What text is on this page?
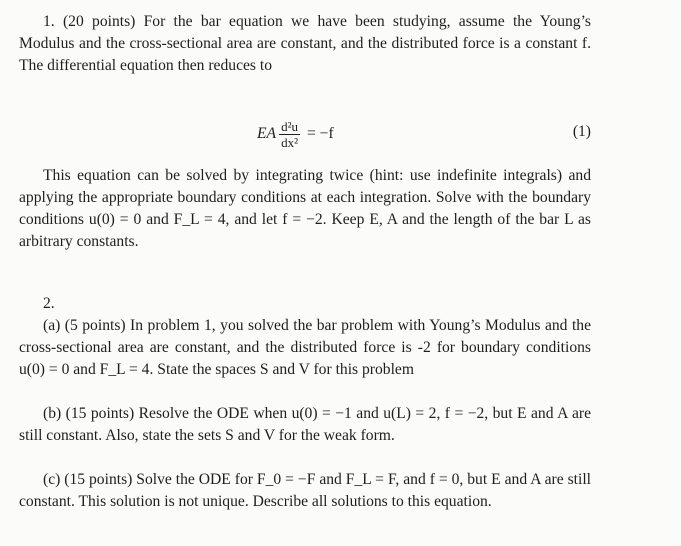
1. (20 points) For the bar equation we have been studying, assume the Young’s Modulus and the cross-sectional area are constant, and the distributed force is a constant f. The differential equation then reduces to

EA $\frac{\text{d²u}}{\text{dx²}} = -f$	(1)

This equation can be solved by integrating twice (hint: use indefinite integrals) and applying the appropriate boundary conditions at each integration. Solve with the boundary conditions u(0) = 0 and F_L = 4, and let f = −2. Keep E, A and the length of the bar L as arbitrary constants.

2.

(a) (5 points) In problem 1, you solved the bar problem with Young’s Modulus and the cross-sectional area are constant, and the distributed force is -2 for boundary conditions u(0) = 0 and F_L = 4. State the spaces S and V for this problem

(b) (15 points) Resolve the ODE when u(0) = −1 and u(L) = 2, f = −2, but E and A are still constant. Also, state the sets S and V for the weak form.

(c) (15 points) Solve the ODE for F_0 = −F and F_L = F, and f = 0, but E and A are still constant. This solution is not unique. Describe all solutions to this equation.
